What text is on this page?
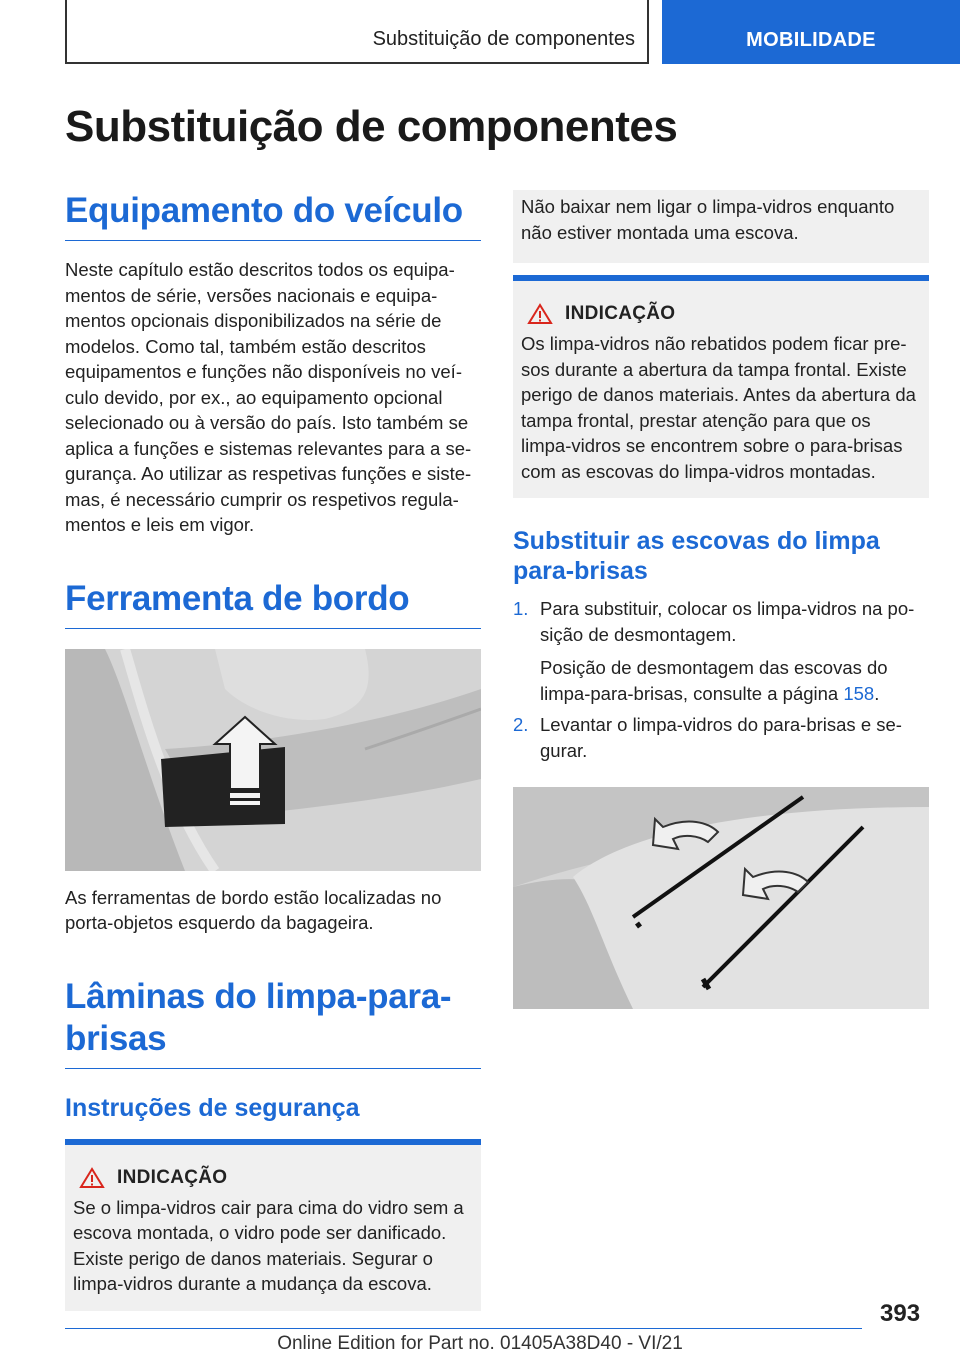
Substituição de componentes	MOBILIDADE
Substituição de componentes
Equipamento do veículo

Neste capítulo estão descritos todos os equipa-mentos de série, versões nacionais e equipa-mentos opcionais disponibilizados na série de modelos. Como tal, também estão descritos equipamentos e funções não disponíveis no veí-culo devido, por ex., ao equipamento opcional selecionado ou à versão do país. Isto também se aplica a funções e sistemas relevantes para a se-gurança. Ao utilizar as respetivas funções e siste-mas, é necessário cumprir os respetivos regula-mentos e leis em vigor.

Ferramenta de bordo

As ferramentas de bordo estão localizadas no porta-objetos esquerdo da bagageira.

Lâminas do limpa-para-brisas
Instruções de segurança
INDICAÇÃO

Se o limpa-vidros cair para cima do vidro sem a escova montada, o vidro pode ser danificado. Existe perigo de danos materiais. Segurar o limpa-vidros durante a mudança da escova.

Não baixar nem ligar o limpa-vidros enquanto não estiver montada uma escova.

INDICAÇÃO

Os limpa-vidros não rebatidos podem ficar pre-sos durante a abertura da tampa frontal. Existe perigo de danos materiais. Antes da abertura da tampa frontal, prestar atenção para que os limpa-vidros se encontrem sobre o para-brisas com as escovas do limpa-vidros montadas.

Substituir as escovas do limpa para-brisas
1. Para substituir, colocar os limpa-vidros na po-sição de desmontagem.

Posição de desmontagem das escovas do limpa-para-brisas, consulte a página 158.

2. Levantar o limpa-vidros do para-brisas e se-gurar.

393
Online Edition for Part no. 01405A38D40 - VI/21
